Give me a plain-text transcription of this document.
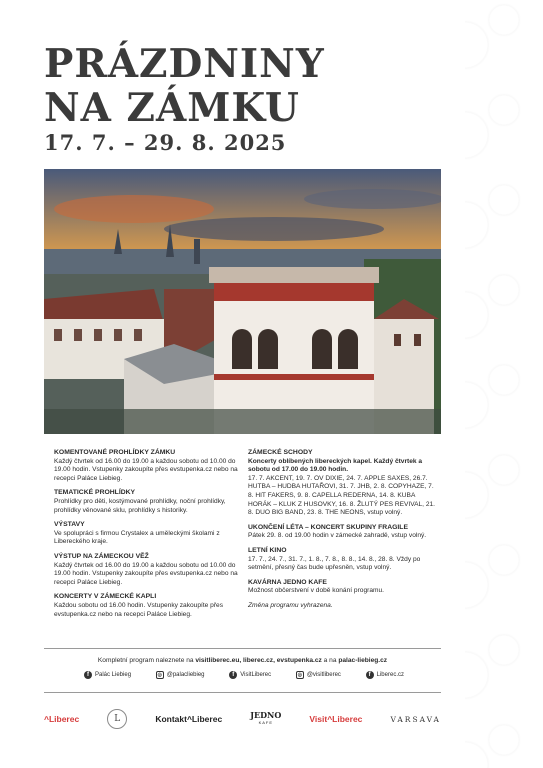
PRÁZDNINY
NA ZÁMKU
17. 7. – 29. 8. 2025
KOMENTOVANÉ PROHLÍDKY ZÁMKU

Každý čtvrtek od 16.00 do 19.00 a každou sobotu od 10.00 do 19.00 hodin. Vstupenky zakoupíte přes evstupenka.cz nebo na recepci Paláce Liebieg.

TEMATICKÉ PROHLÍDKY

Prohlídky pro děti, kostýmované prohlídky, noční prohlídky, prohlídky věnované sklu, prohlídky s historiky.

VÝSTAVY

Ve spolupráci s firmou Crystalex a uměleckými školami z Libereckého kraje.

VÝSTUP NA ZÁMECKOU VĚŽ

Každý čtvrtek od 16.00 do 19.00 a každou sobotu od 10.00 do 19.00 hodin. Vstupenky zakoupíte přes evstupenka.cz nebo na recepci Paláce Liebieg.

KONCERTY V ZÁMECKÉ KAPLI

Každou sobotu od 16.00 hodin. Vstupenky zakoupíte přes evstupenka.cz nebo na recepci Paláce Liebieg.

ZÁMECKÉ SCHODY

Koncerty oblíbených libereckých kapel. Každý čtvrtek a sobotu od 17.00 do 19.00 hodin.

17. 7. AKCENT, 19. 7. OV DIXIE, 24. 7. APPLE SAXES, 26.7. HUTBA – HUDBA HUTAŘOVI, 31. 7. JHB, 2. 8. COPYHAZE, 7. 8. HIT FAKERS, 9. 8. CAPELLA REDERNA, 14. 8. KUBA HORÁK – KLUK Z HUSOVKY, 16. 8. ŽLUTÝ PES REVIVAL, 21. 8. DUO BIG BAND, 23. 8. THE NEONS, vstup volný.

UKONČENÍ LÉTA – KONCERT SKUPINY FRAGILE

Pátek 29. 8. od 19.00 hodin v zámecké zahradě, vstup volný.

LETNÍ KINO

17. 7., 24. 7., 31. 7., 1. 8., 7. 8., 8. 8., 14. 8., 28. 8. Vždy po setmění, přesný čas bude upřesněn, vstup volný.

KAVÁRNA JEDNO KAFE

Možnost občerstvení v době konání programu.

Změna programu vyhrazena.

Kompletní program naleznete na visitliberec.eu, liberec.cz, evstupenka.cz a na palac-liebieg.cz
f	Palác Liebieg	◎ @palacliebieg	f	VisitLiberec	◎ @visitliberec	f	Liberec.cz
^Liberec	L	Kontakt^Liberec	JEDNO
KAFE	Visit^Liberec	VARSAVA
